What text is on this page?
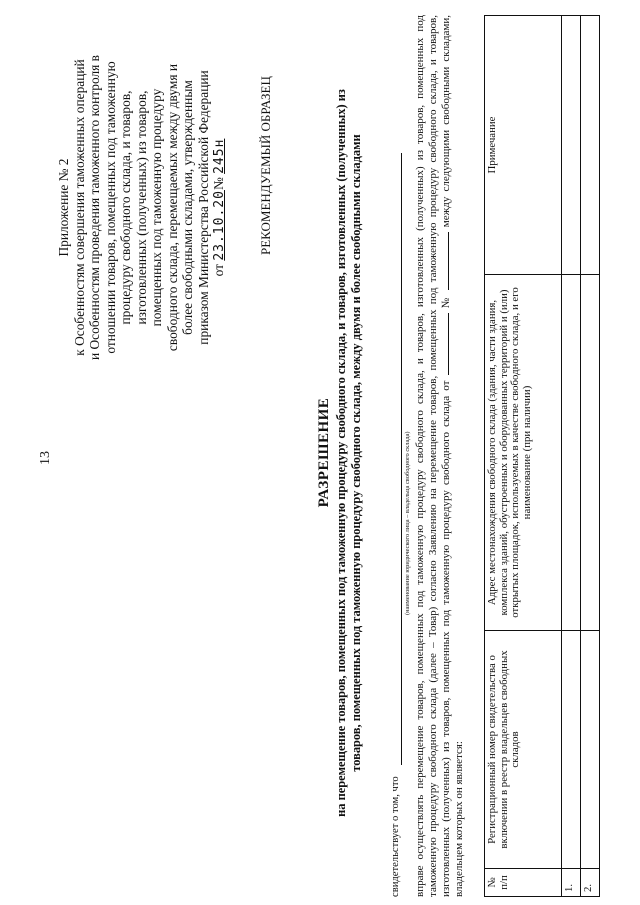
13
Приложение № 2 к Особенностям совершения таможенных операций и Особенностям проведения таможенного контроля в отношении товаров, помещенных под таможенную процедуру свободного склада, и товаров, изготовленных (полученных) из товаров, помещенных под таможенную процедуру свободного склада, перемещаемых между двумя и более свободными складами, утвержденным приказом Министерства Российской Федерации от 23.10.20№ 245н РЕКОМЕНДУЕМЫЙ ОБРАЗЕЦ
РАЗРЕШЕНИЕ на перемещение товаров, помещенных под таможенную процедуру свободного склада, и товаров, изготовленных (полученных) из товаров, помещенных под таможенную процедуру свободного склада, между двумя и более свободными складами
свидетельствует о том, что
(наименование юридического лица – владельца свободного склада) вправе осуществлять перемещение товаров, помещенных под таможенную процедуру свободного склада, и товаров, изготовленных (полученных) из товаров, помещенных под таможенную процедуру свободного склада (далее – Товар) согласно Заявлению на перемещение товаров, помещенных под таможенную процедуру свободного склада, и товаров, изготовленных (полученных) из товаров, помещенных под таможенную процедуру свободного склада от  №  между следующими свободными складами, владельцем которых он является: № п/п	Регистрационный номер свидетельства о включении в реестр владельцев свободных складов	Адрес местонахождения свободного склада (здания, части здания, комплекса зданий, обустроенных и оборудованных территорий и (или) открытых площадок, используемых в качестве свободного склада, и его наименование (при наличии)	Примечание
1.			
2.			
